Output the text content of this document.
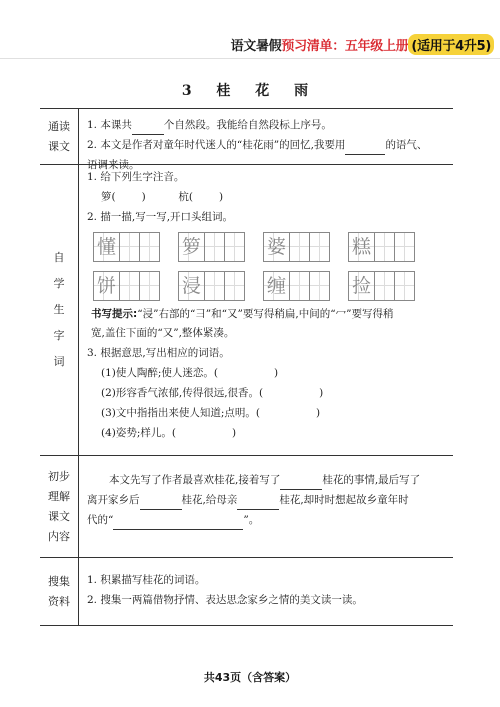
语文暑假预习清单：五年级上册 (适用于4升5)
3 桂 花 雨
通读
课文
1. 本课共	个自然段。我能给自然段标上序号。
2. 本文是作者对童年时代迷人的“桂花雨”的回忆,我要用	的语气、
语调来读。
自
学
生
字
词
1. 给下列生字注音。
箩( )	杭( )
2. 描一描,写一写,开口头组词。
懂	箩	婆	糕
饼	浸	缠	捡
书写提示:“浸”右部的“彐”和“又”要写得稍扁,中间的“冖”要写得稍
宽,盖住下面的“又”,整体紧凑。
3. 根据意思,写出相应的词语。
(1)使人陶醉;使人迷恋。(	)
(2)形容香气浓郁,传得很远,很香。(	)
(3)文中指指出来使人知道;点明。(	)
(4)姿势;样儿。(	)
初步
理解
课文
内容
本文先写了作者最喜欢桂花,接着写了	桂花的事情,最后写了
离开家乡后	桂花,给母亲	桂花,却时时想起故乡童年时
代的“	”。
搜集
资料
1. 积累描写桂花的词语。
2. 搜集一两篇借物抒情、表达思念家乡之情的美文读一读。
共43页（含答案）
